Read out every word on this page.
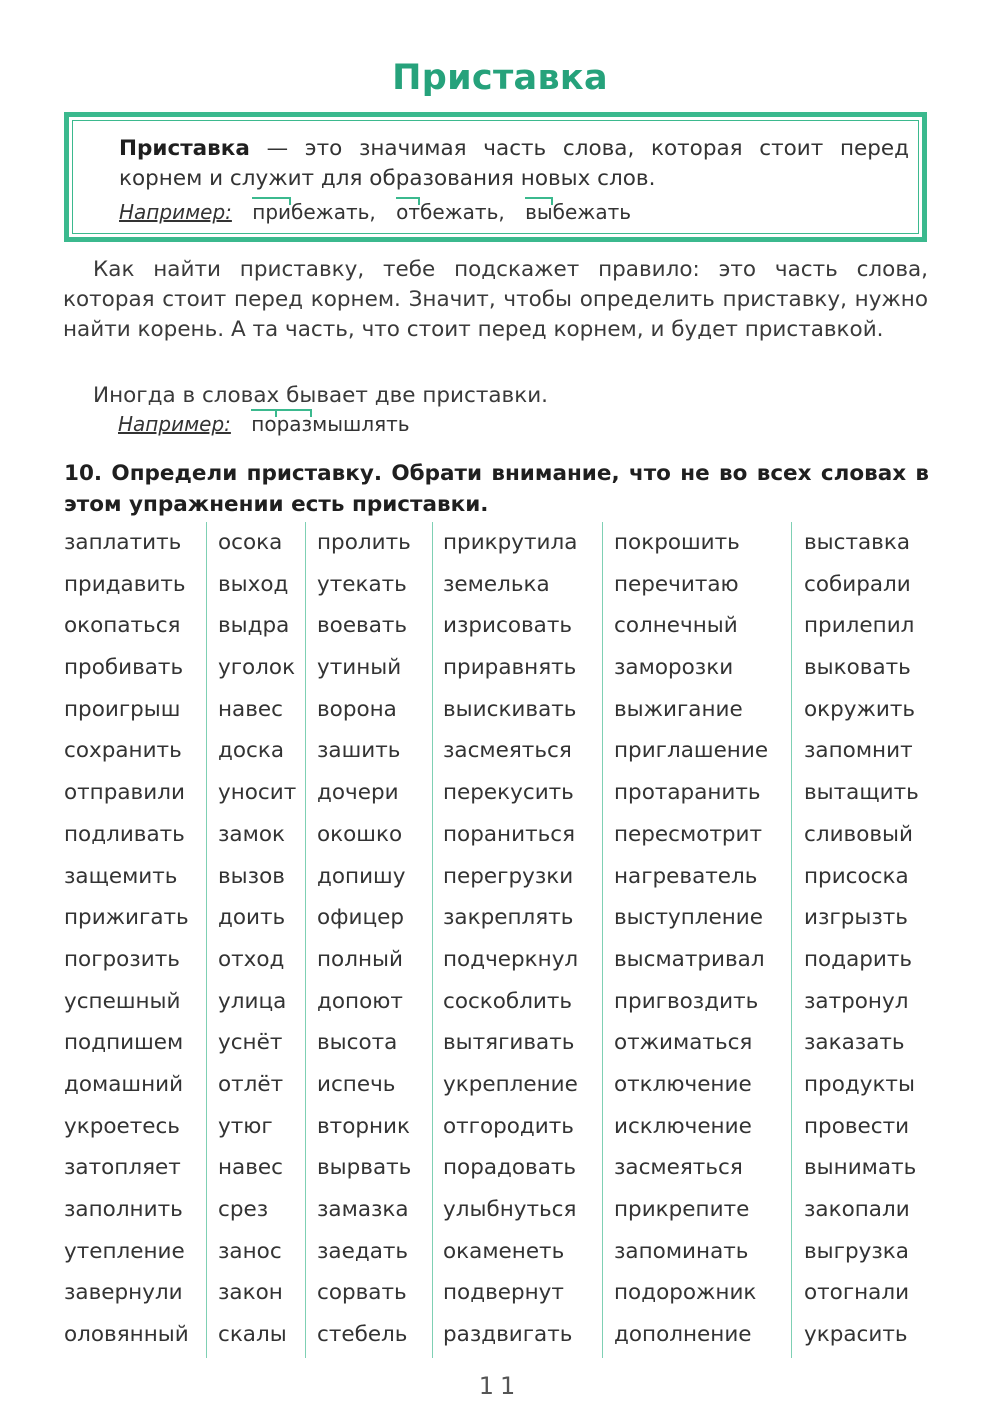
Приставка
Приставка — это значимая часть слова, которая стоит перед корнем и служит для образования новых слов.
Например: прибежать, отбежать, выбежать
Как найти приставку, тебе подскажет правило: это часть слова, которая стоит перед корнем. Значит, чтобы определить приставку, нужно найти корень. А та часть, что стоит перед корнем, и будет приставкой.
Иногда в словах бывает две приставки.
Например: поразмышлять
10. Определи приставку. Обрати внимание, что не во всех словах в этом упражнении есть приставки.
заплатить
придавить
окопаться
пробивать
проигрыш
сохранить
отправили
подливать
защемить
прижигать
погрозить
успешный
подпишем
домашний
укроетесь
затопляет
заполнить
утепление
завернули
оловянный
осока
выход
выдра
уголок
навес
доска
уносит
замок
вызов
доить
отход
улица
уснёт
отлёт
утюг
навес
срез
занос
закон
скалы
пролить
утекать
воевать
утиный
ворона
зашить
дочери
окошко
допишу
офицер
полный
допоют
высота
испечь
вторник
вырвать
замазка
заедать
сорвать
стебель
прикрутила
земелька
изрисовать
приравнять
выискивать
засмеяться
перекусить
пораниться
перегрузки
закреплять
подчеркнул
соскоблить
вытягивать
укрепление
отгородить
порадовать
улыбнуться
окаменеть
подвернут
раздвигать
покрошить
перечитаю
солнечный
заморозки
выжигание
приглашение
протаранить
пересмотрит
нагреватель
выступление
высматривал
пригвоздить
отжиматься
отключение
исключение
засмеяться
прикрепите
запоминать
подорожник
дополнение
выставка
собирали
прилепил
выковать
окружить
запомнит
вытащить
сливовый
присоска
изгрызть
подарить
затронул
заказать
продукты
провести
вынимать
закопали
выгрузка
отогнали
украсить
11
